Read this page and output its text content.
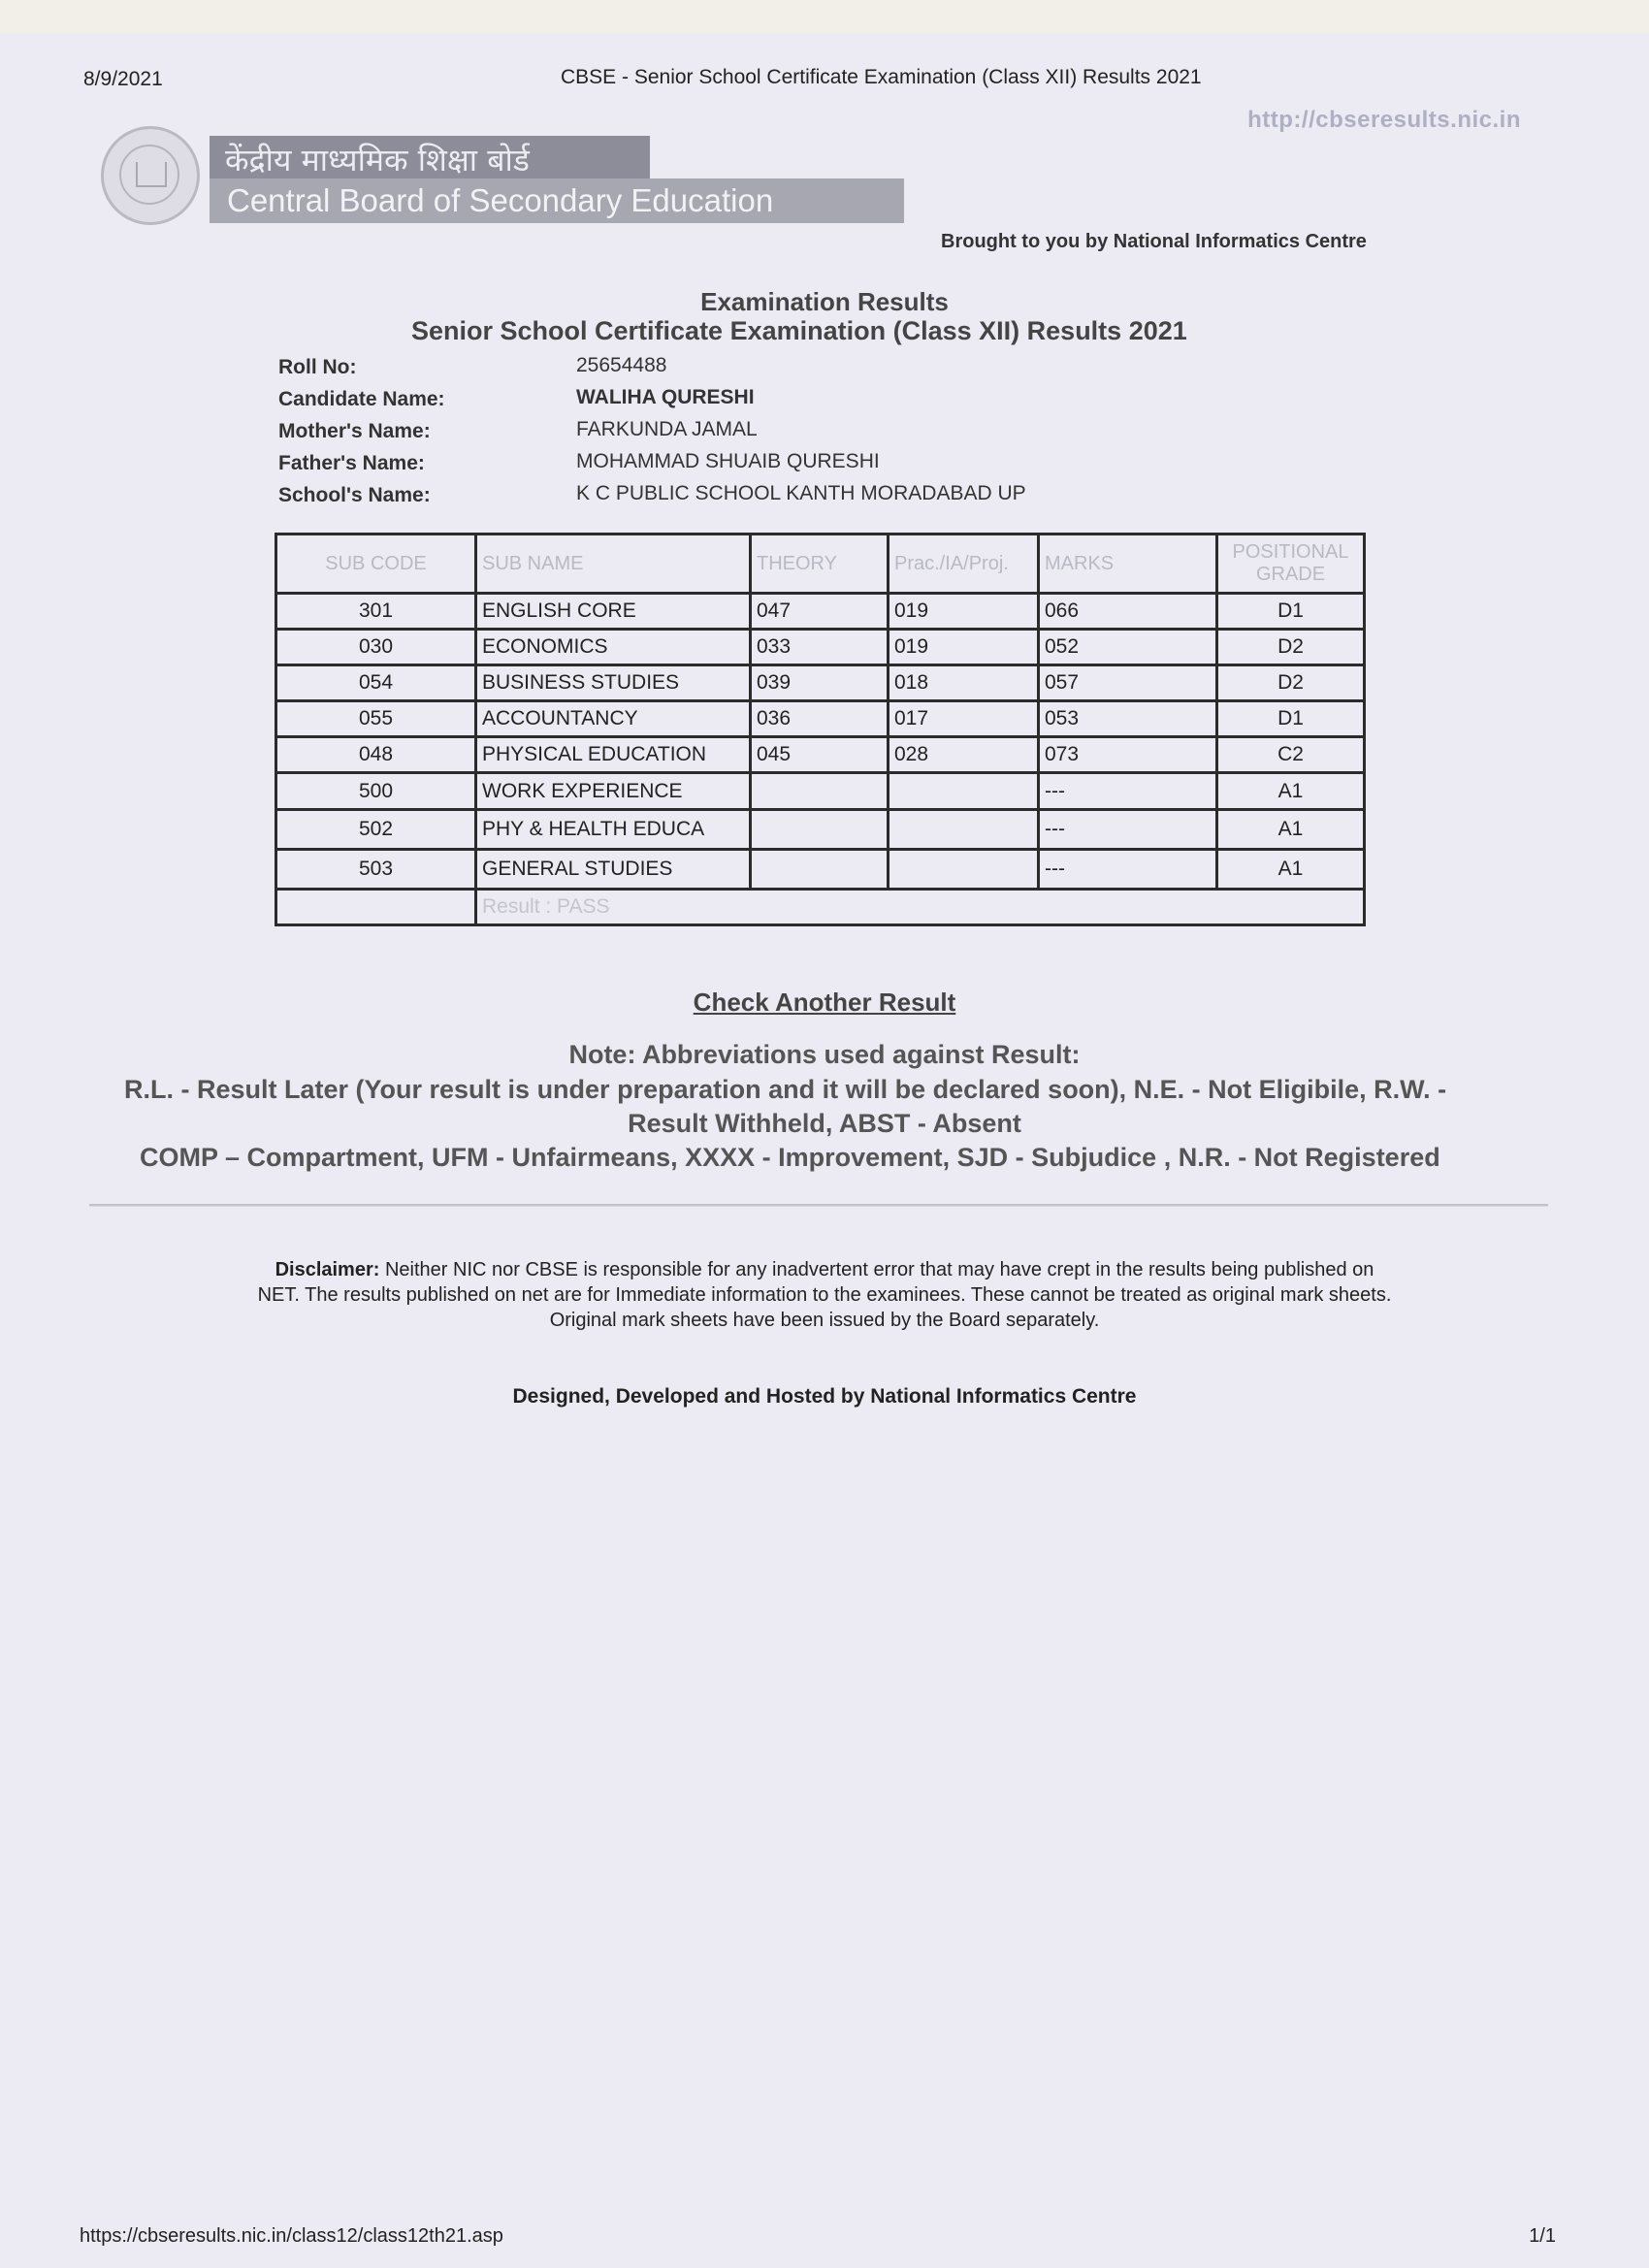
8/9/2021	CBSE - Senior School Certificate Examination (Class XII) Results 2021
http://cbseresults.nic.in
केंद्रीय माध्यमिक शिक्षा बोर्ड
Central Board of Secondary Education
Brought to you by National Informatics Centre
Examination Results
Senior School Certificate Examination (Class XII) Results 2021
Roll No:	25654488
Candidate Name:	WALIHA QURESHI
Mother's Name:	FARKUNDA JAMAL
Father's Name:	MOHAMMAD SHUAIB QURESHI
School's Name:	K C PUBLIC SCHOOL KANTH MORADABAD UP
SUB CODE	SUB NAME	THEORY	Prac./IA/Proj.	MARKS	POSITIONAL GRADE
301	ENGLISH CORE	047	019	066	D1
030	ECONOMICS	033	019	052	D2
054	BUSINESS STUDIES	039	018	057	D2
055	ACCOUNTANCY	036	017	053	D1
048	PHYSICAL EDUCATION	045	028	073	C2
500	WORK EXPERIENCE			---	A1
502	PHY & HEALTH EDUCA			---	A1
503	GENERAL STUDIES			---	A1
	Result : PASS				
Check Another Result
Note: Abbreviations used against Result:
R.L. - Result Later (Your result is under preparation and it will be declared soon), N.E. - Not Eligibile, R.W. -
Result Withheld, ABST - Absent
COMP – Compartment, UFM - Unfairmeans, XXXX - Improvement, SJD - Subjudice , N.R. - Not Registered
Disclaimer: Neither NIC nor CBSE is responsible for any inadvertent error that may have crept in the results being published on NET. The results published on net are for Immediate information to the examinees. These cannot be treated as original mark sheets. Original mark sheets have been issued by the Board separately.
Designed, Developed and Hosted by National Informatics Centre
https://cbseresults.nic.in/class12/class12th21.asp	1/1
